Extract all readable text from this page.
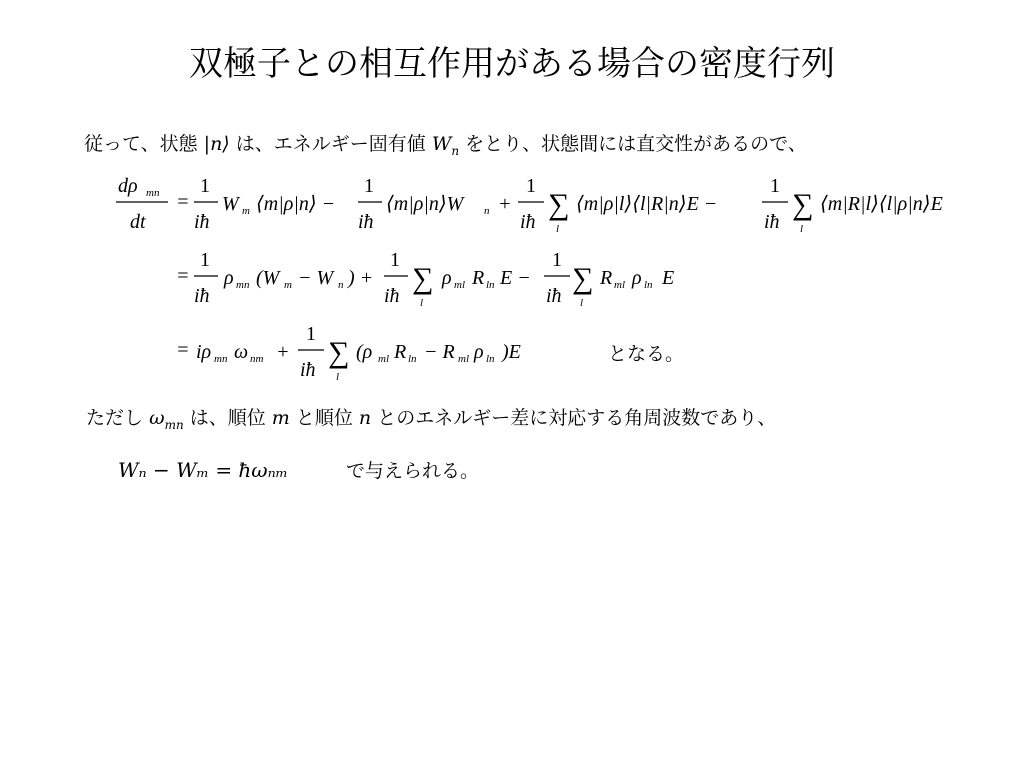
双極子との相互作用がある場合の密度行列
従って、状態 |n⟩ は、エネルギー固有値 $W_n$ をとり、状態間には直交性があるので、
dρ mn
dt
=
1
iħ
W m ⟨m|ρ|n⟩ −
1
iħ
⟨m|ρ|n⟩W n +
1
iħ
∑
l
⟨m|ρ|l⟩⟨l|R|n⟩E −
1
iħ
∑
l
⟨m|R|l⟩⟨l|ρ|n⟩E
=
1
iħ
ρ mn (W m − W n ) +
1
iħ
∑
l
ρ ml R ln E −
1
iħ
∑
l
R ml ρ ln E
= iρ mn ω nm +
1
iħ
∑
l
(ρ ml R ln − R ml ρ ln )E	となる。
ただし $\omega_{mn}$ は、順位 m と順位 n とのエネルギー差に対応する角周波数であり、
Wₙ − Wₘ = ħωₙₘ	で与えられる。
